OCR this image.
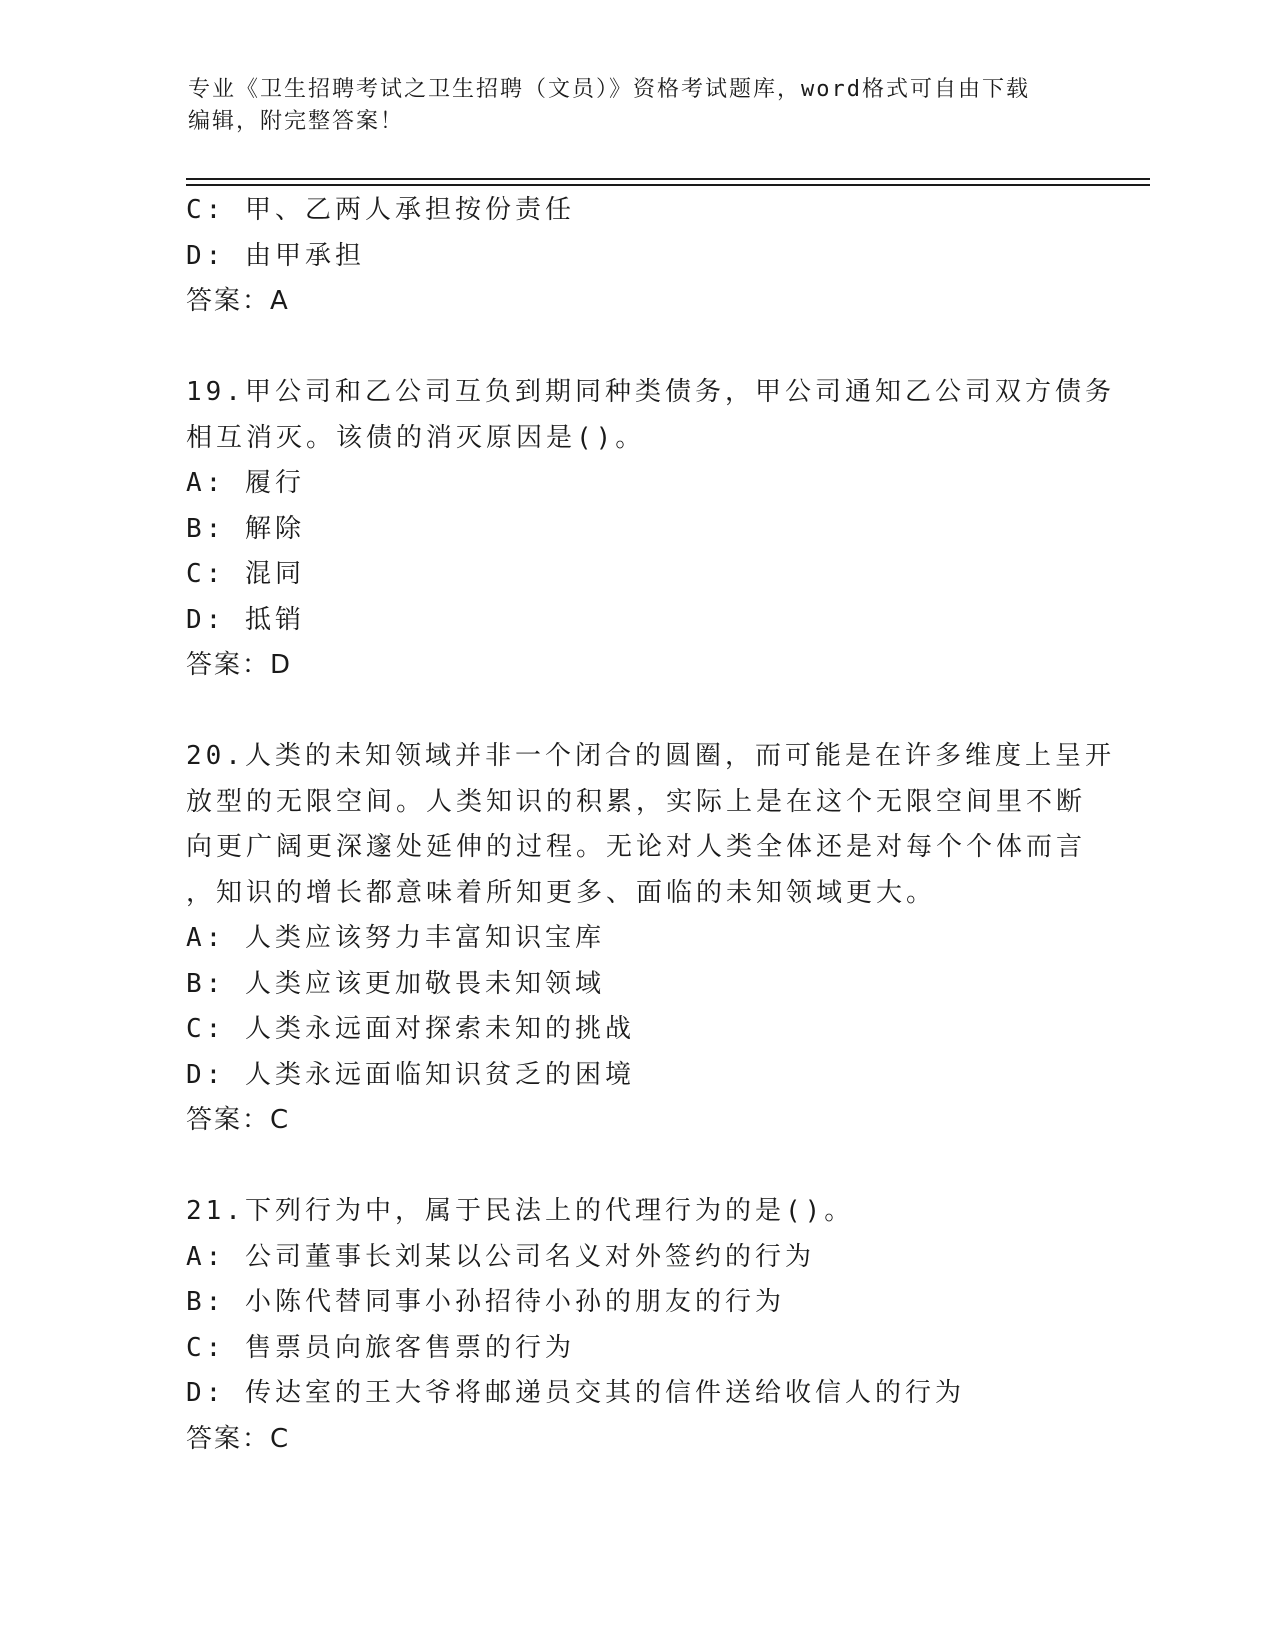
专业《卫生招聘考试之卫生招聘（文员）》资格考试题库，word格式可自由下载
编辑，附完整答案！
C: 甲、乙两人承担按份责任
D: 由甲承担
答案：A
19.甲公司和乙公司互负到期同种类债务，甲公司通知乙公司双方债务
相互消灭。该债的消灭原因是()。
A: 履行
B: 解除
C: 混同
D: 抵销
答案：D
20.人类的未知领域并非一个闭合的圆圈，而可能是在许多维度上呈开
放型的无限空间。人类知识的积累，实际上是在这个无限空间里不断
向更广阔更深邃处延伸的过程。无论对人类全体还是对每个个体而言
，知识的增长都意味着所知更多、面临的未知领域更大。
A: 人类应该努力丰富知识宝库
B: 人类应该更加敬畏未知领域
C: 人类永远面对探索未知的挑战
D: 人类永远面临知识贫乏的困境
答案：C
21.下列行为中，属于民法上的代理行为的是()。
A: 公司董事长刘某以公司名义对外签约的行为
B: 小陈代替同事小孙招待小孙的朋友的行为
C: 售票员向旅客售票的行为
D: 传达室的王大爷将邮递员交其的信件送给收信人的行为
答案：C
